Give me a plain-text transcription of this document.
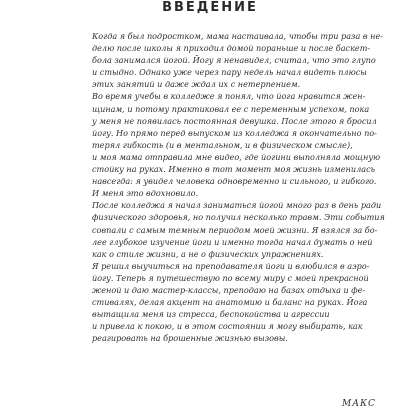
ВВЕДЕНИЕ
Когда я был подростком, мама настаивала, чтобы три раза в не-
делю после школы я приходил домой пораньше и после баскет-
бола занимался йогой. Йогу я ненавидел, считал, что это глупо
и стыдно. Однако уже через пару недель начал видеть плюсы
этих занятий и даже ждал их с нетерпением.
Во время учебы в колледже я понял, что йога нравится жен-
щинам, и потому практиковал ее с переменным успехом, пока
у меня не появилась постоянная девушка. После этого я бросил
йогу. Но прямо перед выпуском из колледжа я окончательно по-
терял гибкость (и в ментальном, и в физическом смысле),
и моя мама отправила мне видео, где йогини выполняла мощную
стойку на руках. Именно в тот момент моя жизнь изменилась
навсегда: я увидел человека одновременно и сильного, и гибкого.
И меня это вдохновило.
После колледжа я начал заниматься йогой много раз в день ради
физического здоровья, но получил несколько травм. Эти события
совпали с самым темным периодом моей жизни. Я взялся за бо-
лее глубокое изучение йоги и именно тогда начал думать о ней
как о стиле жизни, а не о физических упражнениях.
Я решил выучиться на преподавателя йоги и влюбился в аэро-
йогу. Теперь я путешествую по всему миру с моей прекрасной
женой и даю мастер-классы, преподаю на базах отдыха и фе-
стивалях, делая акцент на анатомию и баланс на руках. Йога
вытащила меня из стресса, беспокойства и агрессии
и привела к покою, и в этом состоянии я могу выбирать, как
реагировать на брошенные жизнью вызовы.
МАКС
